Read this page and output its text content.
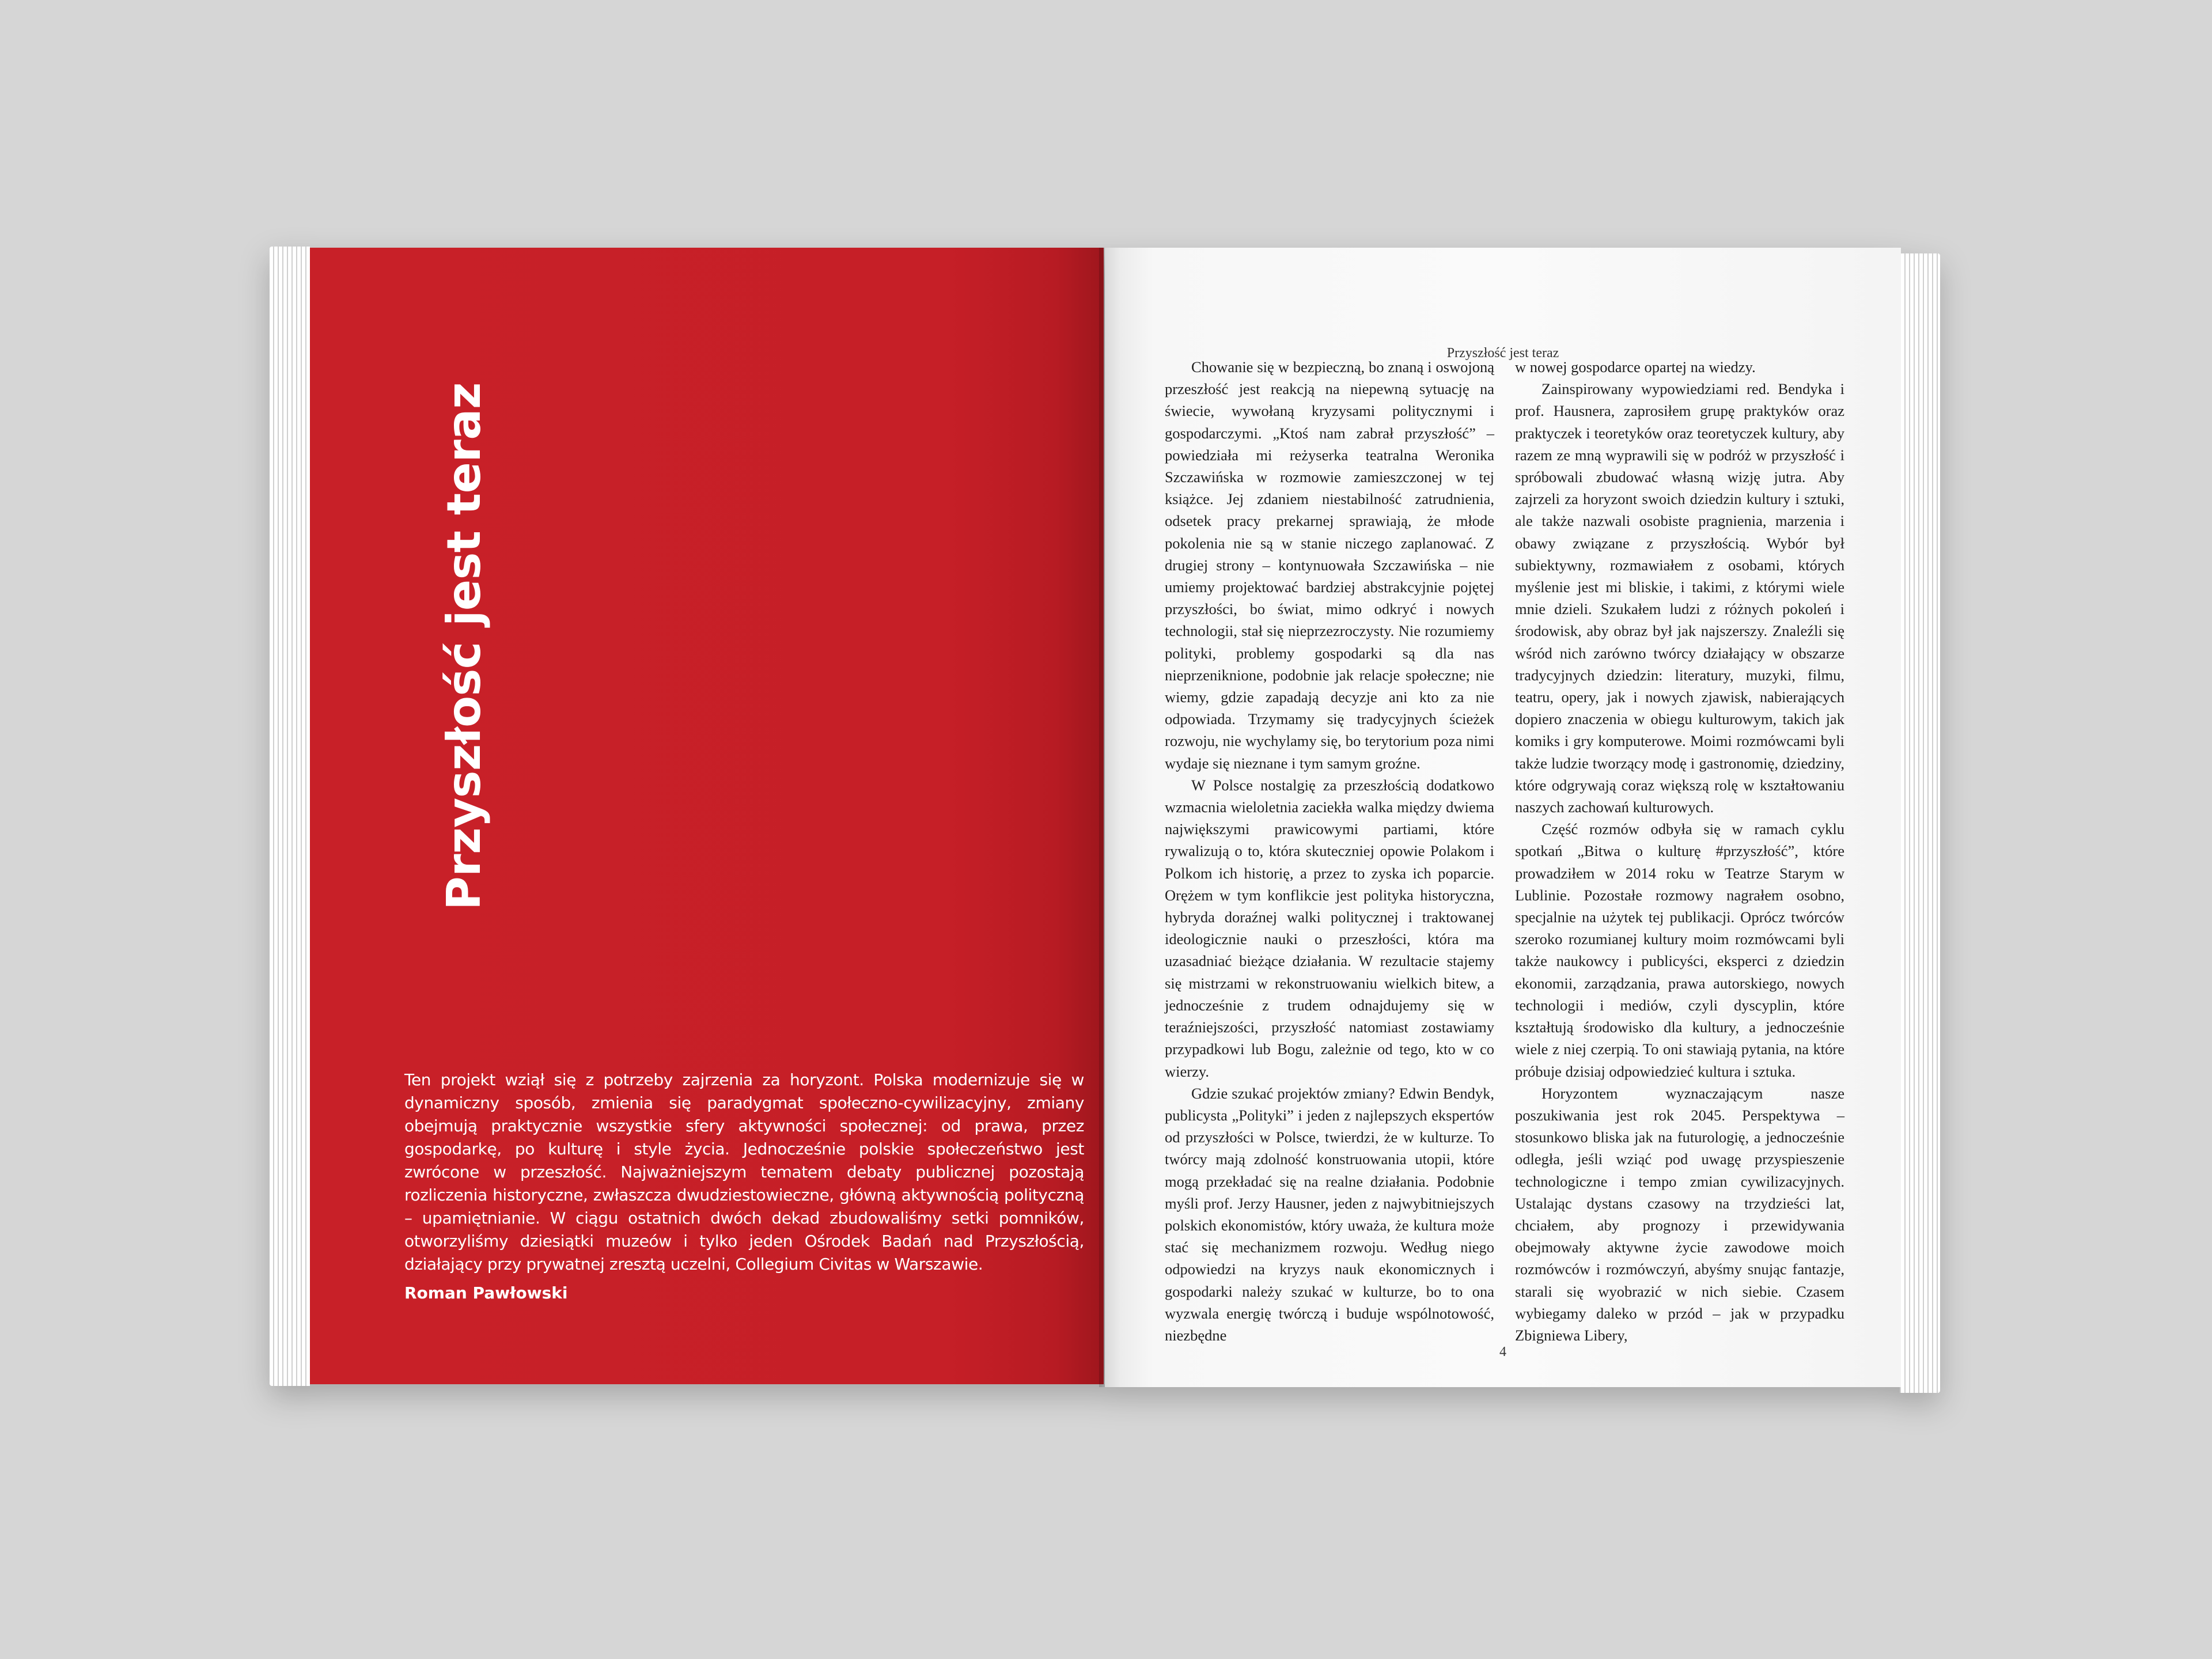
Przyszłość jest teraz

Ten projekt wziął się z potrzeby zajrzenia za horyzont. Polska modernizuje się w dynamiczny sposób, zmienia się paradygmat społeczno-cywilizacyjny, zmiany obejmują praktycznie wszystkie sfery aktywności społecznej: od prawa, przez gospodarkę, po kulturę i style życia. Jednocześnie polskie społeczeństwo jest zwrócone w przeszłość. Najważniejszym tematem debaty publicznej pozostają rozliczenia historyczne, zwłaszcza dwudziestowieczne, główną aktywnością polityczną – upamiętnianie. W ciągu ostatnich dwóch dekad zbudowaliśmy setki pomników, otworzyliśmy dziesiątki muzeów i tylko jeden Ośrodek Badań nad Przyszłością, działający przy prywatnej zresztą uczelni, Collegium Civitas w Warszawie.

Roman Pawłowski

Przyszłość jest teraz

Chowanie się w bezpieczną, bo znaną i oswojoną przeszłość jest reakcją na niepewną sytuację na świecie, wywołaną kryzysami politycznymi i gospodarczymi. „Ktoś nam zabrał przyszłość” – powiedziała mi reżyserka teatralna Weronika Szczawińska w rozmowie zamieszczonej w tej książce. Jej zdaniem niestabilność zatrudnienia, odsetek pracy prekarnej sprawiają, że młode pokolenia nie są w stanie niczego zaplanować. Z drugiej strony – kontynuowała Szczawińska – nie umiemy projektować bardziej abstrakcyjnie pojętej przyszłości, bo świat, mimo odkryć i nowych technologii, stał się nieprzezroczysty. Nie rozumiemy polityki, problemy gospodarki są dla nas nieprzeniknione, podobnie jak relacje społeczne; nie wiemy, gdzie zapadają decyzje ani kto za nie odpowiada. Trzymamy się tradycyjnych ścieżek rozwoju, nie wychylamy się, bo terytorium poza nimi wydaje się nieznane i tym samym groźne.

W Polsce nostalgię za przeszłością dodatkowo wzmacnia wieloletnia zaciekła walka między dwiema największymi prawicowymi partiami, które rywalizują o to, która skuteczniej opowie Polakom i Polkom ich historię, a przez to zyska ich poparcie. Orężem w tym konflikcie jest polityka historyczna, hybryda doraźnej walki politycznej i traktowanej ideologicznie nauki o przeszłości, która ma uzasadniać bieżące działania. W rezultacie stajemy się mistrzami w rekonstruowaniu wielkich bitew, a jednocześnie z trudem odnajdujemy się w teraźniejszości, przyszłość natomiast zostawiamy przypadkowi lub Bogu, zależnie od tego, kto w co wierzy.

Gdzie szukać projektów zmiany? Edwin Bendyk, publicysta „Polityki” i jeden z najlepszych ekspertów od przyszłości w Polsce, twierdzi, że w kulturze. To twórcy mają zdolność konstruowania utopii, które mogą przekładać się na realne działania. Podobnie myśli prof. Jerzy Hausner, jeden z najwybitniejszych polskich ekonomistów, który uważa, że kultura może stać się mechanizmem rozwoju. Według niego odpowiedzi na kryzys nauk ekonomicznych i gospodarki należy szukać w kulturze, bo to ona wyzwala energię twórczą i buduje wspólnotowość, niezbędne

w nowej gospodarce opartej na wiedzy.

Zainspirowany wypowiedziami red. Bendyka i prof. Hausnera, zaprosiłem grupę praktyków oraz praktyczek i teoretyków oraz teoretyczek kultury, aby razem ze mną wyprawili się w podróż w przyszłość i spróbowali zbudować własną wizję jutra. Aby zajrzeli za horyzont swoich dziedzin kultury i sztuki, ale także nazwali osobiste pragnienia, marzenia i obawy związane z przyszłością. Wybór był subiektywny, rozmawiałem z osobami, których myślenie jest mi bliskie, i takimi, z którymi wiele mnie dzieli. Szukałem ludzi z różnych pokoleń i środowisk, aby obraz był jak najszerszy. Znaleźli się wśród nich zarówno twórcy działający w obszarze tradycyjnych dziedzin: literatury, muzyki, filmu, teatru, opery, jak i nowych zjawisk, nabierających dopiero znaczenia w obiegu kulturowym, takich jak komiks i gry komputerowe. Moimi rozmówcami byli także ludzie tworzący modę i gastronomię, dziedziny, które odgrywają coraz większą rolę w kształtowaniu naszych zachowań kulturowych.

Część rozmów odbyła się w ramach cyklu spotkań „Bitwa o kulturę #przyszłość”, które prowadziłem w 2014 roku w Teatrze Starym w Lublinie. Pozostałe rozmowy nagrałem osobno, specjalnie na użytek tej publikacji. Oprócz twórców szeroko rozumianej kultury moim rozmówcami byli także naukowcy i publicyści, eksperci z dziedzin ekonomii, zarządzania, prawa autorskiego, nowych technologii i mediów, czyli dyscyplin, które kształtują środowisko dla kultury, a jednocześnie wiele z niej czerpią. To oni stawiają pytania, na które próbuje dzisiaj odpowiedzieć kultura i sztuka.

Horyzontem wyznaczającym nasze poszukiwania jest rok 2045. Perspektywa – stosunkowo bliska jak na futurologię, a jednocześnie odległa, jeśli wziąć pod uwagę przyspieszenie technologiczne i tempo zmian cywilizacyjnych. Ustalając dystans czasowy na trzydzieści lat, chciałem, aby prognozy i przewidywania obejmowały aktywne życie zawodowe moich rozmówców i rozmówczyń, abyśmy snując fantazje, starali się wyobrazić w nich siebie. Czasem wybiegamy daleko w przód – jak w przypadku Zbigniewa Libery,

4
